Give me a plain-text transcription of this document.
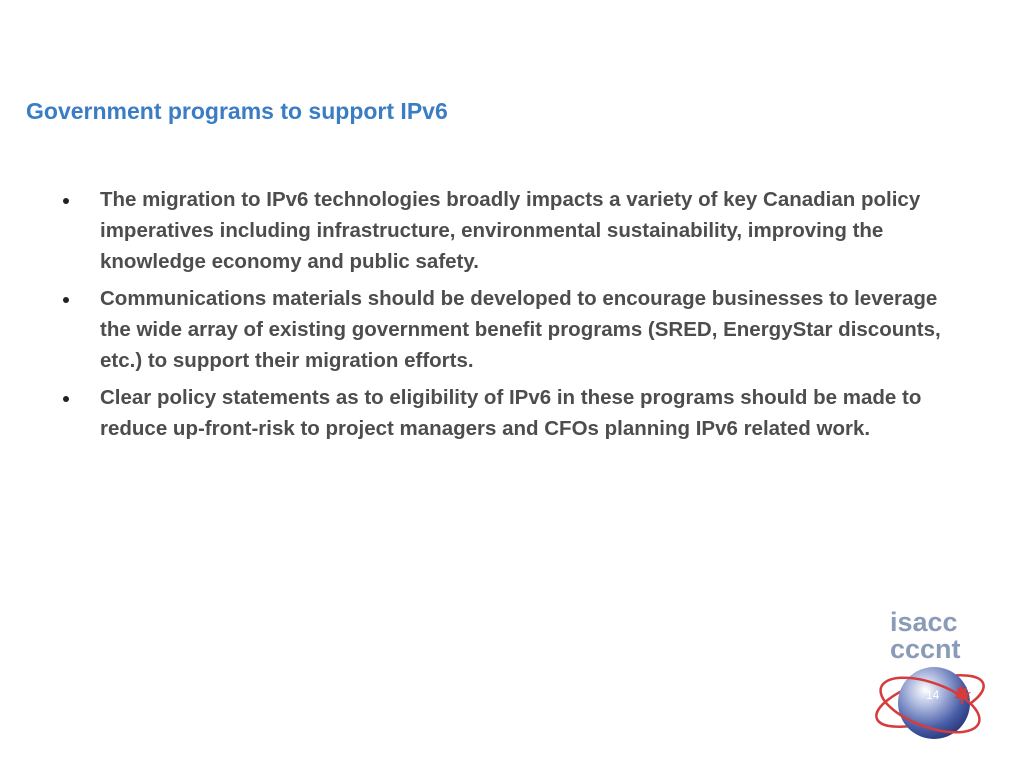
Government programs to support IPv6
The migration to IPv6 technologies broadly impacts a variety of key Canadian policy imperatives including infrastructure, environmental sustainability, improving the knowledge economy and public safety.
Communications materials should be developed to encourage businesses to leverage the wide array of existing government benefit programs (SRED, EnergyStar discounts, etc.) to support their migration efforts.
Clear policy statements as to eligibility of IPv6 in these programs should be made to reduce up-front-risk to project managers and CFOs planning IPv6 related work.
isacc
cccnt
14
